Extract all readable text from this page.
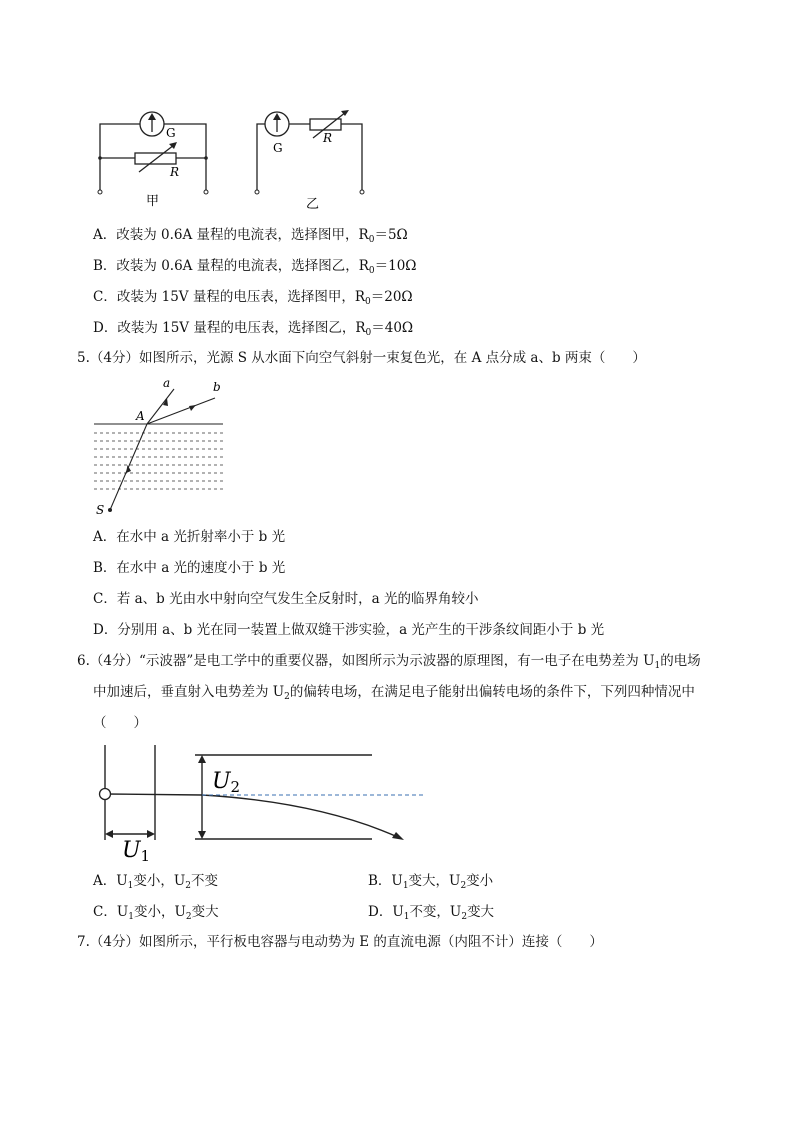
G
R
G
R
甲	乙
A．改装为 0.6A 量程的电流表，选择图甲，$R_0=5\Omega$
B．改装为 0.6A 量程的电流表，选择图乙，$R_0=10\Omega$
C．改装为 15V 量程的电压表，选择图甲，$R_0=20\Omega$
D．改装为 15V 量程的电压表，选择图乙，$R_0=40\Omega$
5.（4分）如图所示，光源 S 从水面下向空气斜射一束复色光，在 A 点分成 a、b 两束（　　）
a	b
A
S
A．在水中 a 光折射率小于 b 光
B．在水中 a 光的速度小于 b 光
C．若 a、b 光由水中射向空气发生全反射时，a 光的临界角较小
D．分别用 a、b 光在同一装置上做双缝干涉实验，a 光产生的干涉条纹间距小于 b 光
6.（4分）“示波器”是电工学中的重要仪器，如图所示为示波器的原理图，有一电子在电势差为 $U_1$的电场
中加速后，垂直射入电势差为 $U_2$的偏转电场，在满足电子能射出偏转电场的条件下，下列四种情况中
（　　）
U2
U1
A．$U_1$变小，$U_2$不变	B．$U_1$变大，$U_2$变小
C．$U_1$变小，$U_2$变大	D．$U_1$不变，$U_2$变大
7.（4分）如图所示，平行板电容器与电动势为 E 的直流电源（内阻不计）连接（　　）
